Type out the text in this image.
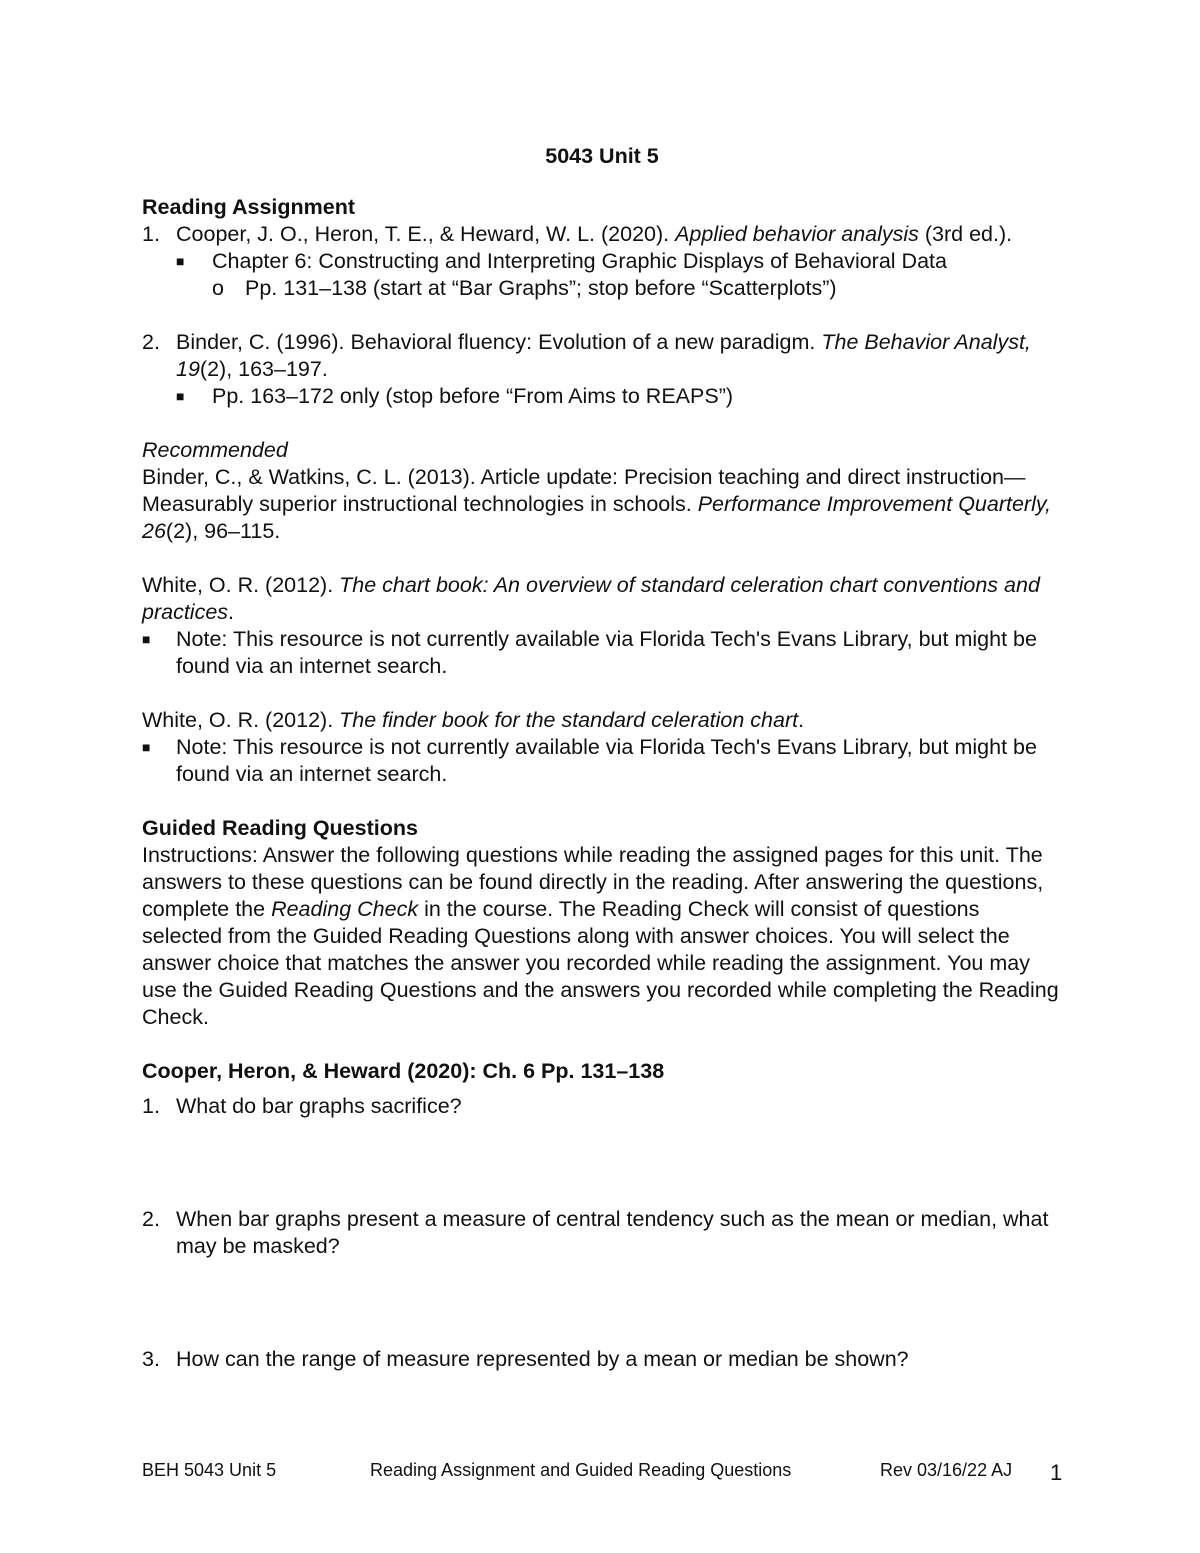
5043 Unit 5
Reading Assignment
1. Cooper, J. O., Heron, T. E., & Heward, W. L. (2020). Applied behavior analysis (3rd ed.).
■ Chapter 6: Constructing and Interpreting Graphic Displays of Behavioral Data
o Pp. 131–138 (start at “Bar Graphs”; stop before “Scatterplots”)
2. Binder, C. (1996). Behavioral fluency: Evolution of a new paradigm. The Behavior Analyst, 19(2), 163–197.
■ Pp. 163–172 only (stop before “From Aims to REAPS”)
Recommended
Binder, C., & Watkins, C. L. (2013). Article update: Precision teaching and direct instruction—Measurably superior instructional technologies in schools. Performance Improvement Quarterly, 26(2), 96–115.
White, O. R. (2012). The chart book: An overview of standard celeration chart conventions and practices.
■ Note: This resource is not currently available via Florida Tech's Evans Library, but might be found via an internet search.
White, O. R. (2012). The finder book for the standard celeration chart.
■ Note: This resource is not currently available via Florida Tech's Evans Library, but might be found via an internet search.
Guided Reading Questions
Instructions: Answer the following questions while reading the assigned pages for this unit. The answers to these questions can be found directly in the reading. After answering the questions, complete the Reading Check in the course. The Reading Check will consist of questions selected from the Guided Reading Questions along with answer choices. You will select the answer choice that matches the answer you recorded while reading the assignment. You may use the Guided Reading Questions and the answers you recorded while completing the Reading Check.
Cooper, Heron, & Heward (2020): Ch. 6 Pp. 131–138
1. What do bar graphs sacrifice?
2. When bar graphs present a measure of central tendency such as the mean or median, what may be masked?
3. How can the range of measure represented by a mean or median be shown?
BEH 5043 Unit 5	Reading Assignment and Guided Reading Questions	Rev 03/16/22 AJ 1
